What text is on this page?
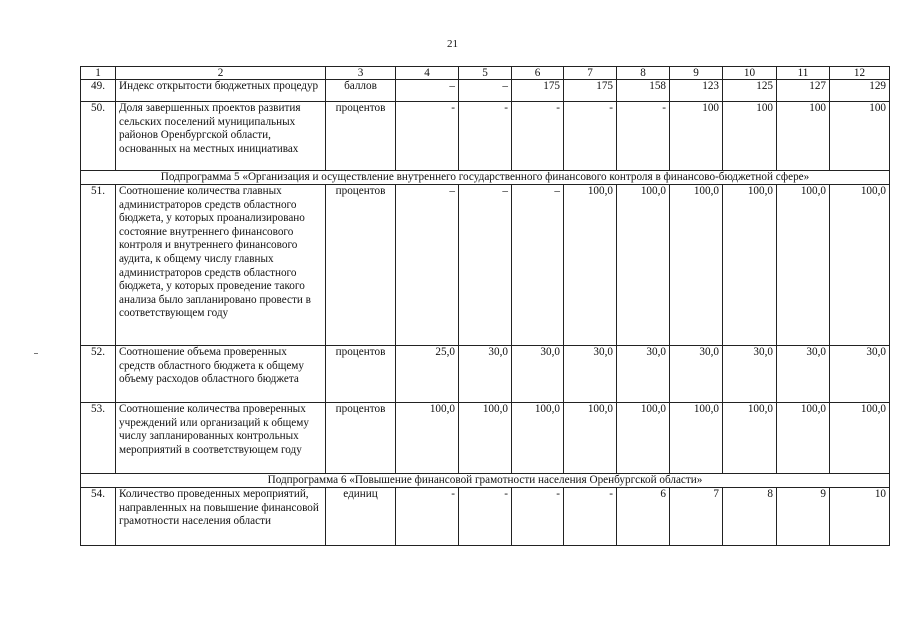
21
1	2	3	4	5	6	7	8	9	10	11	12
49.	Индекс открытости бюджетных процедур	баллов	–	–	175	175	158	123	125	127	129
50.	Доля завершенных проектов развития сельских поселений муниципальных районов Оренбургской области, основанных на местных инициативах	процентов	-	-	-	-	-	100	100	100	100
Подпрограмма 5 «Организация и осуществление внутреннего государственного финансового контроля в финансово-бюджетной сфере»											
51.	Соотношение количества главных администраторов средств областного бюджета, у которых проанализировано состояние внутреннего финансового контроля и внутреннего финансового аудита, к общему числу главных администраторов средств областного бюджета, у которых проведение такого анализа было запланировано провести в соответствующем году	процентов	–	–	–	100,0	100,0	100,0	100,0	100,0	100,0
52.	Соотношение объема проверенных средств областного бюджета к общему объему расходов областного бюджета	процентов	25,0	30,0	30,0	30,0	30,0	30,0	30,0	30,0	30,0
53.	Соотношение количества проверенных учреждений или организаций к общему числу запланированных контрольных мероприятий в соответствующем году	процентов	100,0	100,0	100,0	100,0	100,0	100,0	100,0	100,0	100,0
Подпрограмма 6 «Повышение финансовой грамотности населения Оренбургской области»											
54.	Количество проведенных мероприятий, направленных на повышение финансовой грамотности населения области	единиц	-	-	-	-	6	7	8	9	10
